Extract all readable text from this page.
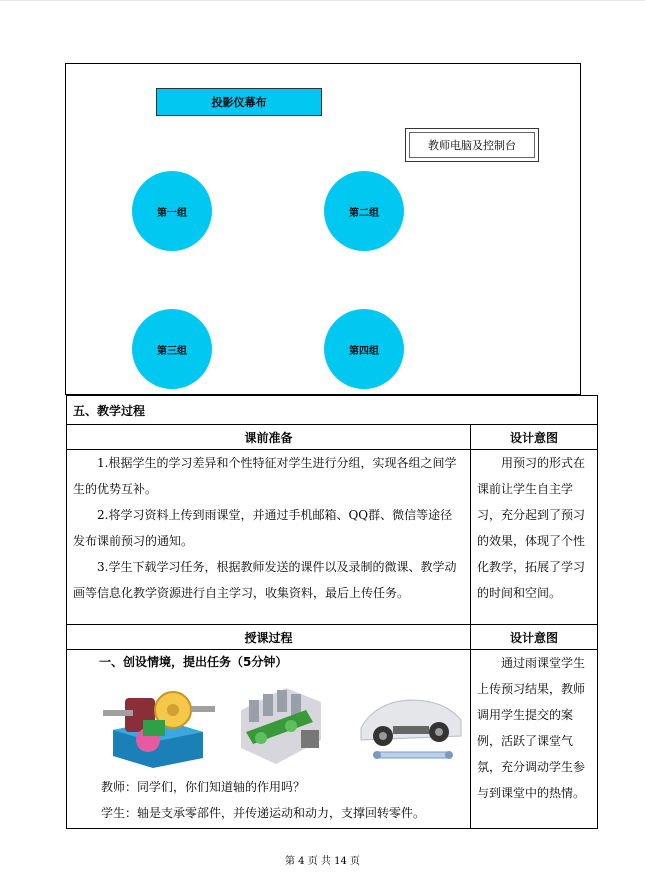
投影仪幕布
教师电脑及控制台
第一组	第二组
第三组	第四组
五、教学过程	
课前准备	设计意图

1.根据学生的学习差异和个性特征对学生进行分组，实现各组之间学生的优势互补。

2.将学习资料上传到雨课堂，并通过手机邮箱、QQ群、微信等途径发布课前预习的通知。

3.学生下载学习任务，根据教师发送的课件以及录制的微课、教学动画等信息化教学资源进行自主学习，收集资料，最后上传任务。	用预习的形式在课前让学生自主学习，充分起到了预习的效果，体现了个性化教学，拓展了学习的时间和空间。

授课过程	设计意图

一、创设情境，提出任务（5分钟）

教师：同学们，你们知道轴的作用吗？

学生：轴是支承零部件，并传递运动和动力，支撑回转零件。	通过雨课堂学生上传预习结果，教师调用学生提交的案例，活跃了课堂气氛，充分调动学生参与到课堂中的热情。

第 4 页 共 14 页
